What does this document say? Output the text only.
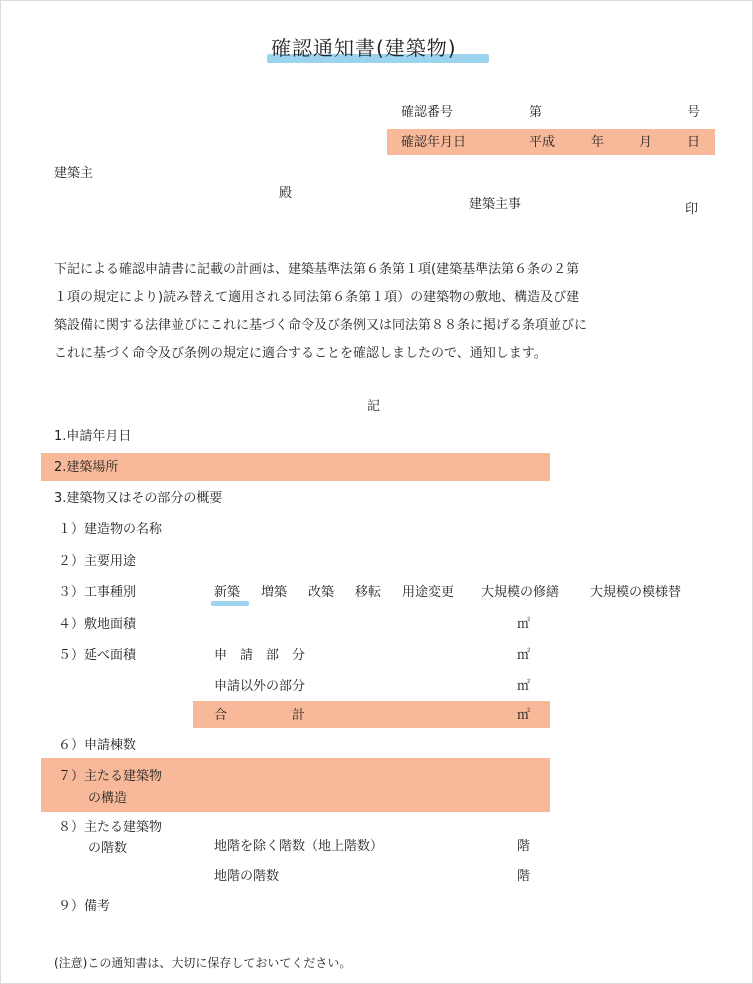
確認通知書(建築物)
確認番号	第	号
確認年月日	平成	年	月	日
建築主
殿
建築主事	印

下記による確認申請書に記載の計画は、建築基準法第６条第１項(建築基準法第６条の２第

１項の規定により)読み替えて適用される同法第６条第１項）の建築物の敷地、構造及び建

築設備に関する法律並びにこれに基づく命令及び条例又は同法第８８条に掲げる条項並びに

これに基づく命令及び条例の規定に適合することを確認しましたので、通知します。

記
1.申請年月日
2.建築場所
3.建築物又はその部分の概要
１）建造物の名称
２）主要用途
３）工事種別	新築 増築 改築 移転 用途変更 大規模の修繕 大規模の模様替
４）敷地面積	㎡
５）延べ面積	申　請　部　分	㎡
申請以外の部分	㎡
合　　　　　計	㎡
６）申請棟数
７）主たる建築物
の構造
８）主たる建築物
の階数	地階を除く階数（地上階数）	階
地階の階数	階
９）備考
(注意)この通知書は、大切に保存しておいてください。
